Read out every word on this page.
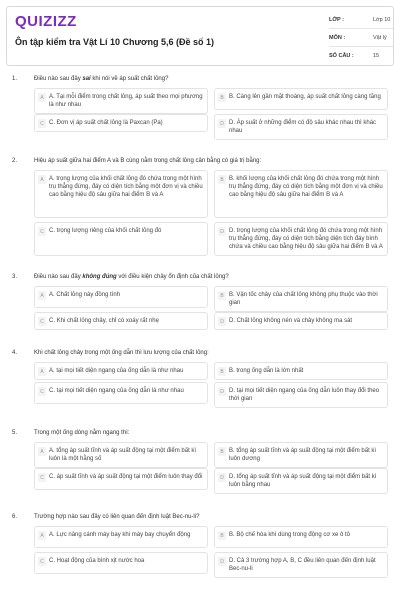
QUIZIZZ
Ôn tập kiểm tra Vật Lí 10 Chương 5,6 (Đề số 1)
LỚP :	Lớp 10
MÔN :	Vật lý
SỐ CÂU :	15
1.	Điều nào sau đây sai khi nói về áp suất chất lỏng?
A A. Tại mỗi điểm trong chất lỏng, áp suất theo mọi phương là như nhau
B B. Càng lên gần mặt thoáng, áp suất chất lỏng càng tăng
C C. Đơn vị áp suất chất lỏng là Paxcan (Pa)	D D. Áp suất ở những điểm có độ sâu khác nhau thì khác nhau
2.	Hiệu áp suất giữa hai điểm A và B cùng nằm trong chất lỏng cân bằng có giá trị bằng:
A A. trọng lượng của khối chất lỏng đó chứa trong một hình trụ thẳng đứng, đáy có diện tích bằng một đơn vị và chiều cao bằng hiệu độ sâu giữa hai điểm B và A
B B. khối lượng của khối chất lỏng đó chứa trong một hình trụ thẳng đứng, đáy có diện tích bằng một đơn vị và chiều cao bằng hiệu độ sâu giữa hai điểm B và A
C C. trọng lượng riêng của khối chất lỏng đó	D D. trọng lượng của khối chất lỏng đó chứa trong một hình trụ thẳng đứng, đáy có diện tích bằng diện tích đáy bình chứa và chiều cao bằng hiệu độ sâu giữa hai điểm B và A
3.	Điều nào sau đây không đúng với điều kiện chảy ổn định của chất lỏng?
A A. Chất lỏng này đồng tính	B B. Vận tốc chảy của chất lỏng không phụ thuộc vào thời gian
C C. Khi chất lỏng chảy, chỉ có xoáy rất nhẹ	D D. Chất lỏng không nén và chảy không ma sát
4.	Khi chất lỏng chảy trong một ống dẫn thì lưu lượng của chất lỏng:
A A. tại mọi tiết diện ngang của ống dẫn là như nhau	B B. trong ống dẫn là lớn nhất
C C. tại mọi tiết diện ngang của ống dẫn là như nhau	D D. tại mọi tiết diện ngang của ống dẫn luôn thay đổi theo thời gian
5.	Trong một ống dòng nằm ngang thì:
A A. tổng áp suất tĩnh và áp suất động tại một điểm bất kì luôn là một hằng số
B B. tổng áp suất tĩnh và áp suất động tại một điểm bất kì luôn dương
C C. áp suất tĩnh và áp suất động tại một điểm luôn thay đổi	D D. tổng áp suất tĩnh và áp suất động tại một điểm bất kì luôn bằng nhau
6.	Trường hợp nào sau đây có liên quan đến định luật Bec-nu-li?
A A. Lực nâng cánh máy bay khi máy bay chuyển động	B B. Bộ chế hòa khí dùng trong động cơ xe ô tô
C C. Hoạt động của bình xịt nước hoa	D D. Cả 3 trường hợp A, B, C đều liên quan đến định luật Bec-nu-li
